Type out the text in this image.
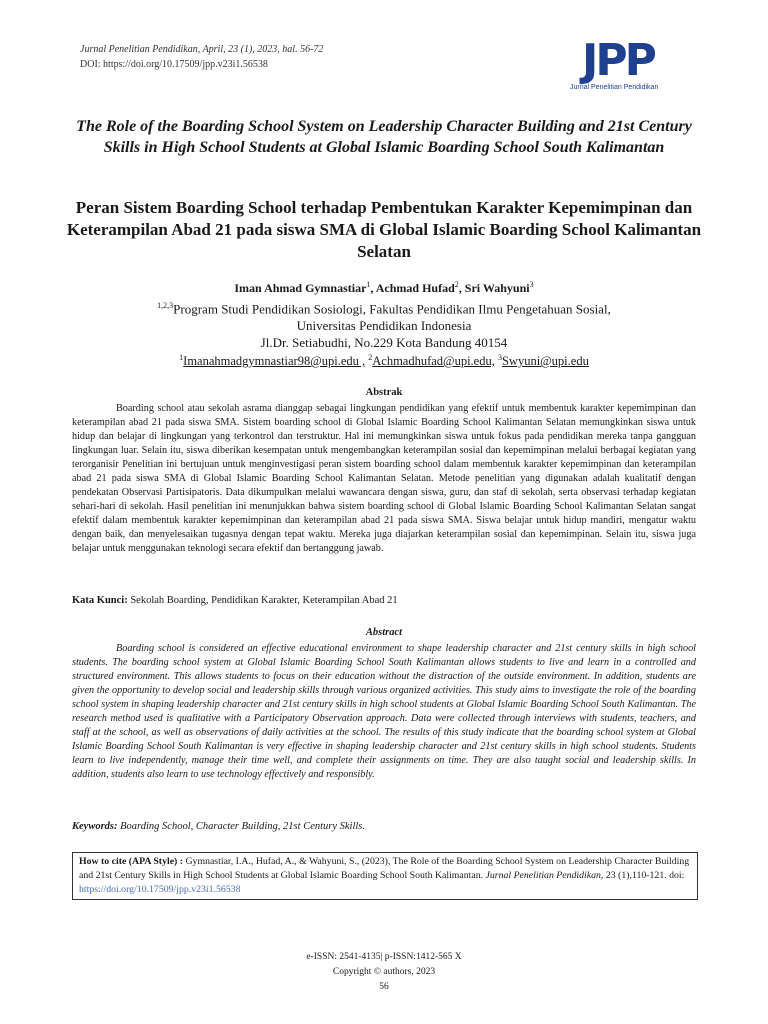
Jurnal Penelitian Pendidikan, April, 23 (1), 2023, hal. 56-72
DOI: https://doi.org/10.17509/jpp.v23i1.56538	JPP
Jurnal Penelitian Pendidikan
The Role of the Boarding School System on Leadership Character Building and 21st Century Skills in High School Students at Global Islamic Boarding School South Kalimantan
Peran Sistem Boarding School terhadap Pembentukan Karakter Kepemimpinan dan Keterampilan Abad 21 pada siswa SMA di Global Islamic Boarding School Kalimantan Selatan
Iman Ahmad Gymnastiar$^1$, Achmad Hufad$^2$, Sri Wahyuni$^3$
$^{1,2,3}$Program Studi Pendidikan Sosiologi, Fakultas Pendidikan Ilmu Pengetahuan Sosial,
Universitas Pendidikan Indonesia
Jl.Dr. Setiabudhi, No.229 Kota Bandung 40154
$^1$Imanahmadgymnastiar98@upi.edu , $^2$Achmadhufad@upi.edu, $^3$Swyuni@upi.edu
Abstrak

Boarding school atau sekolah asrama dianggap sebagai lingkungan pendidikan yang efektif untuk membentuk karakter kepemimpinan dan keterampilan abad 21 pada siswa SMA. Sistem boarding school di Global Islamic Boarding School Kalimantan Selatan memungkinkan siswa untuk hidup dan belajar di lingkungan yang terkontrol dan terstruktur. Hal ini memungkinkan siswa untuk fokus pada pendidikan mereka tanpa gangguan lingkungan luar. Selain itu, siswa diberikan kesempatan untuk mengembangkan keterampilan sosial dan kepemimpinan melalui berbagai kegiatan yang terorganisir Penelitian ini bertujuan untuk menginvestigasi peran sistem boarding school dalam membentuk karakter kepemimpinan dan keterampilan abad 21 pada siswa SMA di Global Islamic Boarding School Kalimantan Selatan. Metode penelitian yang digunakan adalah kualitatif dengan pendekatan Observasi Partisipatoris. Data dikumpulkan melalui wawancara dengan siswa, guru, dan staf di sekolah, serta observasi terhadap kegiatan sehari-hari di sekolah. Hasil penelitian ini menunjukkan bahwa sistem boarding school di Global Islamic Boarding School Kalimantan Selatan sangat efektif dalam membentuk karakter kepemimpinan dan keterampilan abad 21 pada siswa SMA. Siswa belajar untuk hidup mandiri, mengatur waktu dengan baik, dan menyelesaikan tugasnya dengan tepat waktu. Mereka juga diajarkan keterampilan sosial dan kepemimpinan. Selain itu, siswa juga belajar untuk menggunakan teknologi secara efektif dan bertanggung jawab.

Kata Kunci: Sekolah Boarding, Pendidikan Karakter, Keterampilan Abad 21
Abstract

Boarding school is considered an effective educational environment to shape leadership character and 21st century skills in high school students. The boarding school system at Global Islamic Boarding School South Kalimantan allows students to live and learn in a controlled and structured environment. This allows students to focus on their education without the distraction of the outside environment. In addition, students are given the opportunity to develop social and leadership skills through various organized activities. This study aims to investigate the role of the boarding school system in shaping leadership character and 21st century skills in high school students at Global Islamic Boarding School South Kalimantan. The research method used is qualitative with a Participatory Observation approach. Data were collected through interviews with students, teachers, and staff at the school, as well as observations of daily activities at the school. The results of this study indicate that the boarding school system at Global Islamic Boarding School South Kalimantan is very effective in shaping leadership character and 21st century skills in high school students. Students learn to live independently, manage their time well, and complete their assignments on time. They are also taught social and leadership skills. In addition, students also learn to use technology effectively and responsibly.

Keywords: Boarding School, Character Building, 21st Century Skills.
How to cite (APA Style) : Gymnastiar, I.A., Hufad, A., & Wahyuni, S., (2023), The Role of the Boarding School System on Leadership Character Building and 21st Century Skills in High School Students at Global Islamic Boarding School South Kalimantan. Jurnal Penelitian Pendidikan, 23 (1),110-121. doi: https://doi.org/10.17509/jpp.v23i1.56538
e-ISSN: 2541-4135| p-ISSN:1412-565 X
Copyright © authors, 2023
56
